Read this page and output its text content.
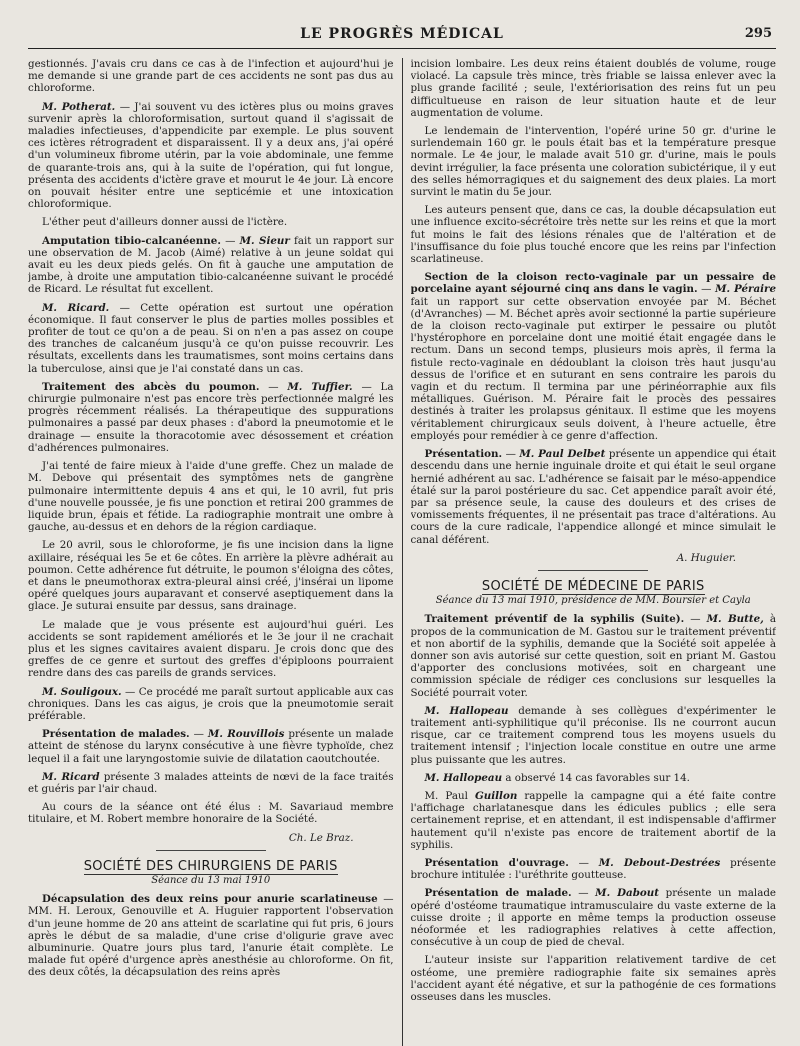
LE PROGRÈS MÉDICAL	295

gestionnés. J'avais cru dans ce cas à de l'infection et aujourd'hui je me demande si une grande part de ces accidents ne sont pas dus au chloroforme.

M. Potherat. — J'ai souvent vu des ictères plus ou moins graves survenir après la chloroformisation, surtout quand il s'agissait de maladies infectieuses, d'appendicite par exemple. Le plus souvent ces ictères rétrogradent et disparaissent. Il y a deux ans, j'ai opéré d'un volumineux fibrome utérin, par la voie abdominale, une femme de quarante-trois ans, qui à la suite de l'opération, qui fut longue, présenta des accidents d'ictère grave et mourut le 4e jour. Là encore on pouvait hésiter entre une septicémie et une intoxication chloroformique.

L'éther peut d'ailleurs donner aussi de l'ictère.

Amputation tibio-calcanéenne. — M. Sieur fait un rapport sur une observation de M. Jacob (Aimé) relative à un jeune soldat qui avait eu les deux pieds gelés. On fit à gauche une amputation de jambe, à droite une amputation tibio-calcanéenne suivant le procédé de Ricard. Le résultat fut excellent.

M. Ricard. — Cette opération est surtout une opération économique. Il faut conserver le plus de parties molles possibles et profiter de tout ce qu'on a de peau. Si on n'en a pas assez on coupe des tranches de calcanéum jusqu'à ce qu'on puisse recouvrir. Les résultats, excellents dans les traumatismes, sont moins certains dans la tuberculose, ainsi que je l'ai constaté dans un cas.

Traitement des abcès du poumon. — M. Tuffier. — La chirurgie pulmonaire n'est pas encore très perfectionnée malgré les progrès récemment réalisés. La thérapeutique des suppurations pulmonaires a passé par deux phases : d'abord la pneumotomie et le drainage — ensuite la thoracotomie avec désossement et création d'adhérences pulmonaires.

J'ai tenté de faire mieux à l'aide d'une greffe. Chez un malade de M. Debove qui présentait des symptômes nets de gangrène pulmonaire intermittente depuis 4 ans et qui, le 10 avril, fut pris d'une nouvelle poussée, je fis une ponction et retirai 200 grammes de liquide brun, épais et fétide. La radiographie montrait une ombre à gauche, au-dessus et en dehors de la région cardiaque.

Le 20 avril, sous le chloroforme, je fis une incision dans la ligne axillaire, réséquai les 5e et 6e côtes. En arrière la plèvre adhérait au poumon. Cette adhérence fut détruite, le poumon s'éloigna des côtes, et dans le pneumothorax extra-pleural ainsi créé, j'insérai un lipome opéré quelques jours auparavant et conservé aseptiquement dans la glace. Je suturai ensuite par dessus, sans drainage.

Le malade que je vous présente est aujourd'hui guéri. Les accidents se sont rapidement améliorés et le 3e jour il ne crachait plus et les signes cavitaires avaient disparu. Je crois donc que des greffes de ce genre et surtout des greffes d'épiploons pourraient rendre dans des cas pareils de grands services.

M. Souligoux. — Ce procédé me paraît surtout applicable aux cas chroniques. Dans les cas aigus, je crois que la pneumotomie serait préférable.

Présentation de malades. — M. Rouvillois présente un malade atteint de sténose du larynx consécutive à une fièvre typhoïde, chez lequel il a fait une laryngostomie suivie de dilatation caoutchoutée.

M. Ricard présente 3 malades atteints de nœvi de la face traités et guéris par l'air chaud.

Au cours de la séance ont été élus : M. Savariaud membre titulaire, et M. Robert membre honoraire de la Société.

Ch. Le Braz.

SOCIÉTÉ DES CHIRURGIENS DE PARIS
Séance du 13 mai 1910

Décapsulation des deux reins pour anurie scarlatineuse — MM. H. Leroux, Genouville et A. Huguier rapportent l'observation d'un jeune homme de 20 ans atteint de scarlatine qui fut pris, 6 jours après le début de sa maladie, d'une crise d'oligurie grave avec albuminurie. Quatre jours plus tard, l'anurie était complète. Le malade fut opéré d'urgence après anesthésie au chloroforme. On fit, des deux côtés, la décapsulation des reins après

incision lombaire. Les deux reins étaient doublés de volume, rouge violacé. La capsule très mince, très friable se laissa enlever avec la plus grande facilité ; seule, l'extériorisation des reins fut un peu difficultueuse en raison de leur situation haute et de leur augmentation de volume.

Le lendemain de l'intervention, l'opéré urine 50 gr. d'urine le surlendemain 160 gr. le pouls était bas et la température presque normale. Le 4e jour, le malade avait 510 gr. d'urine, mais le pouls devint irrégulier, la face présenta une coloration subictérique, il y eut des selles hémorragiques et du saignement des deux plaies. La mort survint le matin du 5e jour.

Les auteurs pensent que, dans ce cas, la double décapsulation eut une influence excito-sécrétoire très nette sur les reins et que la mort fut moins le fait des lésions rénales que de l'altération et de l'insuffisance du foie plus touché encore que les reins par l'infection scarlatineuse.

Section de la cloison recto-vaginale par un pessaire de porcelaine ayant séjourné cinq ans dans le vagin. — M. Péraire fait un rapport sur cette observation envoyée par M. Béchet (d'Avranches) — M. Béchet après avoir sectionné la partie supérieure de la cloison recto-vaginale put extirper le pessaire ou plutôt l'hystérophore en porcelaine dont une moitié était engagée dans le rectum. Dans un second temps, plusieurs mois après, il ferma la fistule recto-vaginale en dédoublant la cloison très haut jusqu'au dessus de l'orifice et en suturant en sens contraire les parois du vagin et du rectum. Il termina par une périnéorraphie aux fils métalliques. Guérison. M. Péraire fait le procès des pessaires destinés à traiter les prolapsus génitaux. Il estime que les moyens véritablement chirurgicaux seuls doivent, à l'heure actuelle, être employés pour remédier à ce genre d'affection.

Présentation. — M. Paul Delbet présente un appendice qui était descendu dans une hernie inguinale droite et qui était le seul organe hernié adhérent au sac. L'adhérence se faisait par le méso-appendice étalé sur la paroi postérieure du sac. Cet appendice paraît avoir été, par sa présence seule, la cause des douleurs et des crises de vomissements fréquentes, il ne présentait pas trace d'altérations. Au cours de la cure radicale, l'appendice allongé et mince simulait le canal déférent.

A. Huguier.

SOCIÉTÉ DE MÉDECINE DE PARIS
Séance du 13 mai 1910, présidence de MM. Boursier et Cayla

Traitement préventif de la syphilis (Suite). — M. Butte, à propos de la communication de M. Gastou sur le traitement préventif et non abortif de la syphilis, demande que la Société soit appelée à donner son avis autorisé sur cette question, soit en priant M. Gastou d'apporter des conclusions motivées, soit en chargeant une commission spéciale de rédiger ces conclusions sur lesquelles la Société pourrait voter.

M. Hallopeau demande à ses collègues d'expérimenter le traitement anti-syphilitique qu'il préconise. Ils ne courront aucun risque, car ce traitement comprend tous les moyens usuels du traitement intensif ; l'injection locale constitue en outre une arme plus puissante que les autres.

M. Hallopeau a observé 14 cas favorables sur 14.

M. Paul Guillon rappelle la campagne qui a été faite contre l'affichage charlatanesque dans les édicules publics ; elle sera certainement reprise, et en attendant, il est indispensable d'affirmer hautement qu'il n'existe pas encore de traitement abortif de la syphilis.

Présentation d'ouvrage. — M. Debout-Destrées présente brochure intitulée : l'uréthrite goutteuse.

Présentation de malade. — M. Dabout présente un malade opéré d'ostéome traumatique intramusculaire du vaste externe de la cuisse droite ; il apporte en même temps la production osseuse néoformée et les radiographies relatives à cette affection, consécutive à un coup de pied de cheval.

L'auteur insiste sur l'apparition relativement tardive de cet ostéome, une première radiographie faite six semaines après l'accident ayant été négative, et sur la pathogénie de ces formations osseuses dans les muscles.
